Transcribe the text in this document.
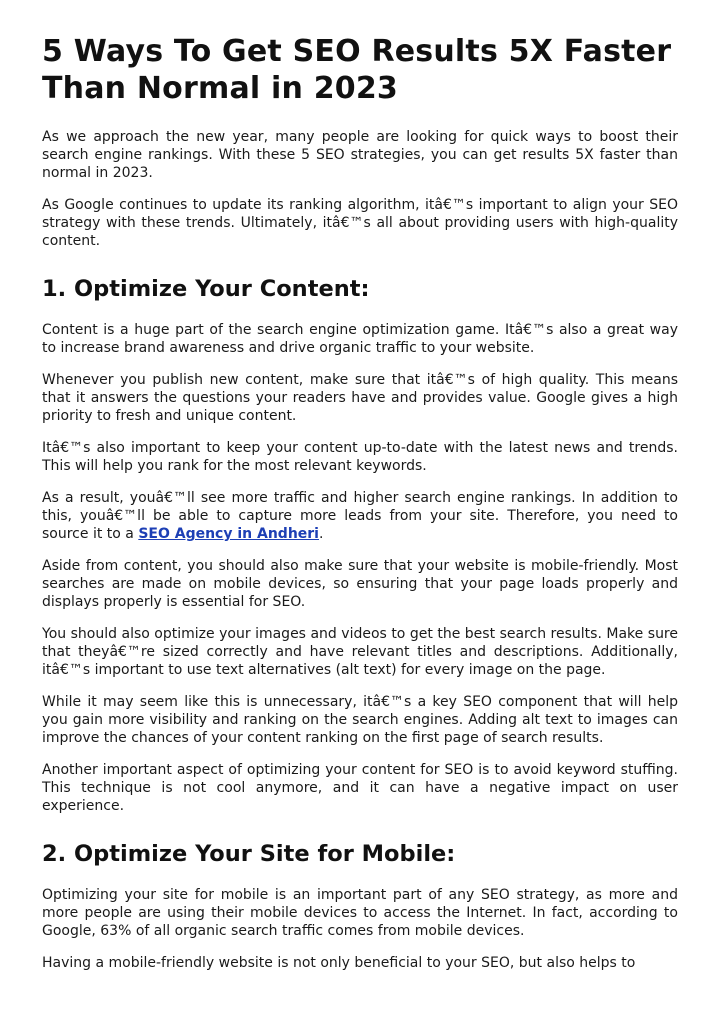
5 Ways To Get SEO Results 5X Faster Than Normal in 2023

As we approach the new year, many people are looking for quick ways to boost their search engine rankings. With these 5 SEO strategies, you can get results 5X faster than normal in 2023.

As Google continues to update its ranking algorithm, itâ€™s important to align your SEO strategy with these trends. Ultimately, itâ€™s all about providing users with high-quality content.

1. Optimize Your Content:

Content is a huge part of the search engine optimization game. Itâ€™s also a great way to increase brand awareness and drive organic traffic to your website.

Whenever you publish new content, make sure that itâ€™s of high quality. This means that it answers the questions your readers have and provides value. Google gives a high priority to fresh and unique content.

Itâ€™s also important to keep your content up-to-date with the latest news and trends. This will help you rank for the most relevant keywords.

As a result, youâ€™ll see more traffic and higher search engine rankings. In addition to this, youâ€™ll be able to capture more leads from your site. Therefore, you need to source it to a SEO Agency in Andheri.

Aside from content, you should also make sure that your website is mobile-friendly. Most searches are made on mobile devices, so ensuring that your page loads properly and displays properly is essential for SEO.

You should also optimize your images and videos to get the best search results. Make sure that theyâ€™re sized correctly and have relevant titles and descriptions. Additionally, itâ€™s important to use text alternatives (alt text) for every image on the page.

While it may seem like this is unnecessary, itâ€™s a key SEO component that will help you gain more visibility and ranking on the search engines. Adding alt text to images can improve the chances of your content ranking on the first page of search results.

Another important aspect of optimizing your content for SEO is to avoid keyword stuffing. This technique is not cool anymore, and it can have a negative impact on user experience.

2. Optimize Your Site for Mobile:

Optimizing your site for mobile is an important part of any SEO strategy, as more and more people are using their mobile devices to access the Internet. In fact, according to Google, 63% of all organic search traffic comes from mobile devices.

Having a mobile-friendly website is not only beneficial to your SEO, but also helps to
